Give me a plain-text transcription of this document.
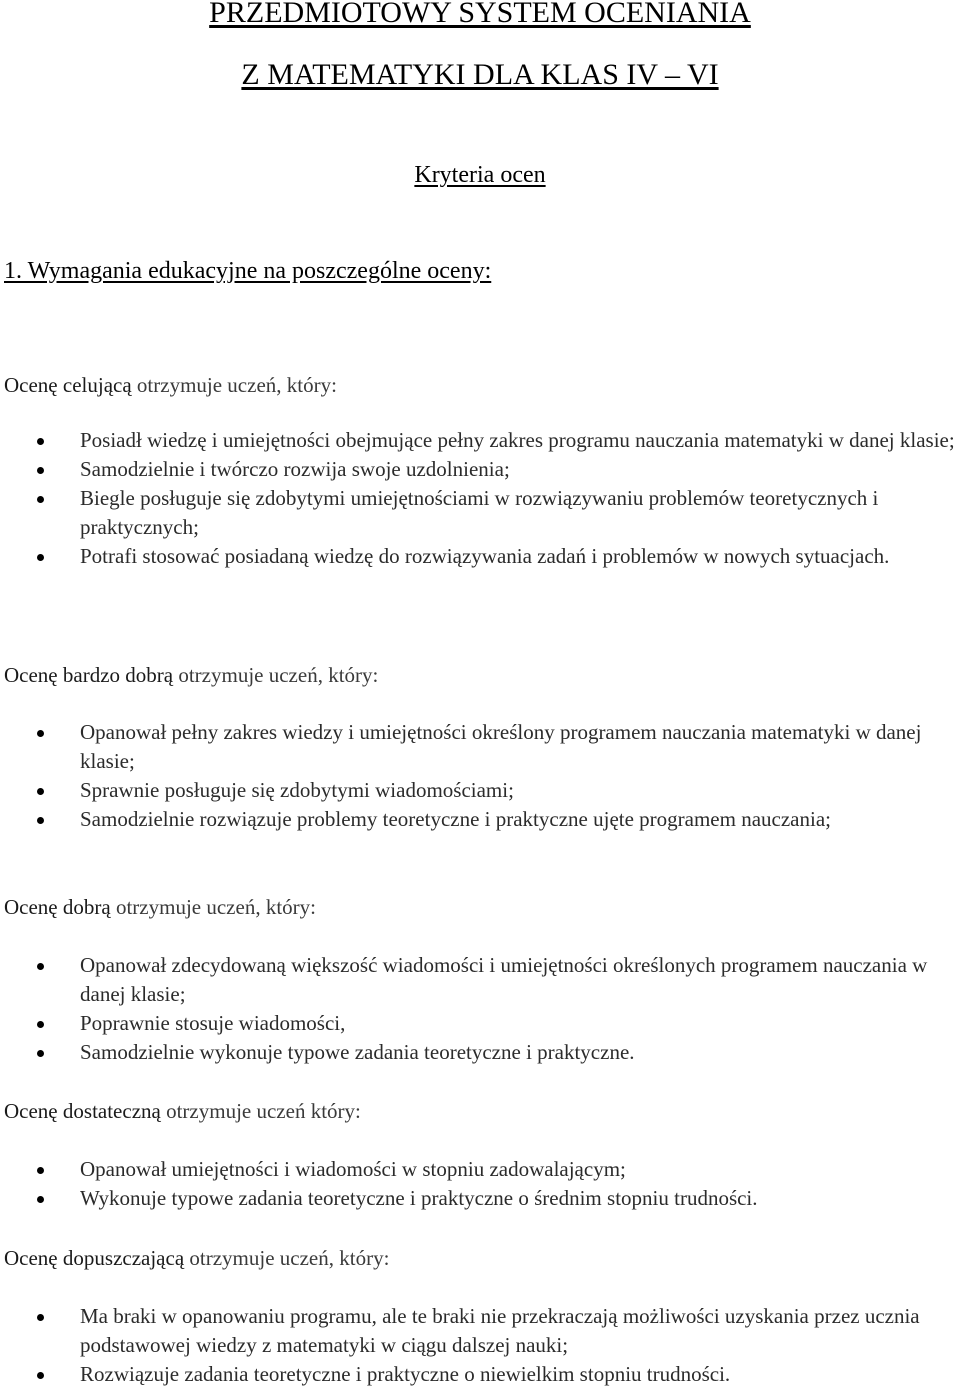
PRZEDMIOTOWY SYSTEM OCENIANIA
Z MATEMATYKI DLA KLAS IV – VI
Kryteria ocen
1. Wymagania edukacyjne na poszczególne oceny:
Ocenę celującą otrzymuje uczeń, który:
Posiadł wiedzę i umiejętności obejmujące pełny zakres programu nauczania matematyki w danej klasie;
Samodzielnie i twórczo rozwija swoje uzdolnienia;
Biegle posługuje się zdobytymi umiejętnościami w rozwiązywaniu problemów teoretycznych i praktycznych;
Potrafi stosować posiadaną wiedzę do rozwiązywania zadań i problemów w nowych sytuacjach.
Ocenę bardzo dobrą otrzymuje uczeń, który:
Opanował pełny zakres wiedzy i umiejętności określony programem nauczania matematyki w danej klasie;
Sprawnie posługuje się zdobytymi wiadomościami;
Samodzielnie rozwiązuje problemy teoretyczne i praktyczne ujęte programem nauczania;
Ocenę dobrą otrzymuje uczeń, który:
Opanował zdecydowaną większość wiadomości i umiejętności określonych programem nauczania w danej klasie;
Poprawnie stosuje wiadomości,
Samodzielnie wykonuje typowe zadania teoretyczne i praktyczne.
Ocenę dostateczną otrzymuje uczeń który:
Opanował umiejętności i wiadomości w stopniu zadowalającym;
Wykonuje typowe zadania teoretyczne i praktyczne o średnim stopniu trudności.
Ocenę dopuszczającą otrzymuje uczeń, który:
Ma braki w opanowaniu programu, ale te braki nie przekraczają możliwości uzyskania przez ucznia podstawowej wiedzy z matematyki w ciągu dalszej nauki;
Rozwiązuje zadania teoretyczne i praktyczne o niewielkim stopniu trudności.
